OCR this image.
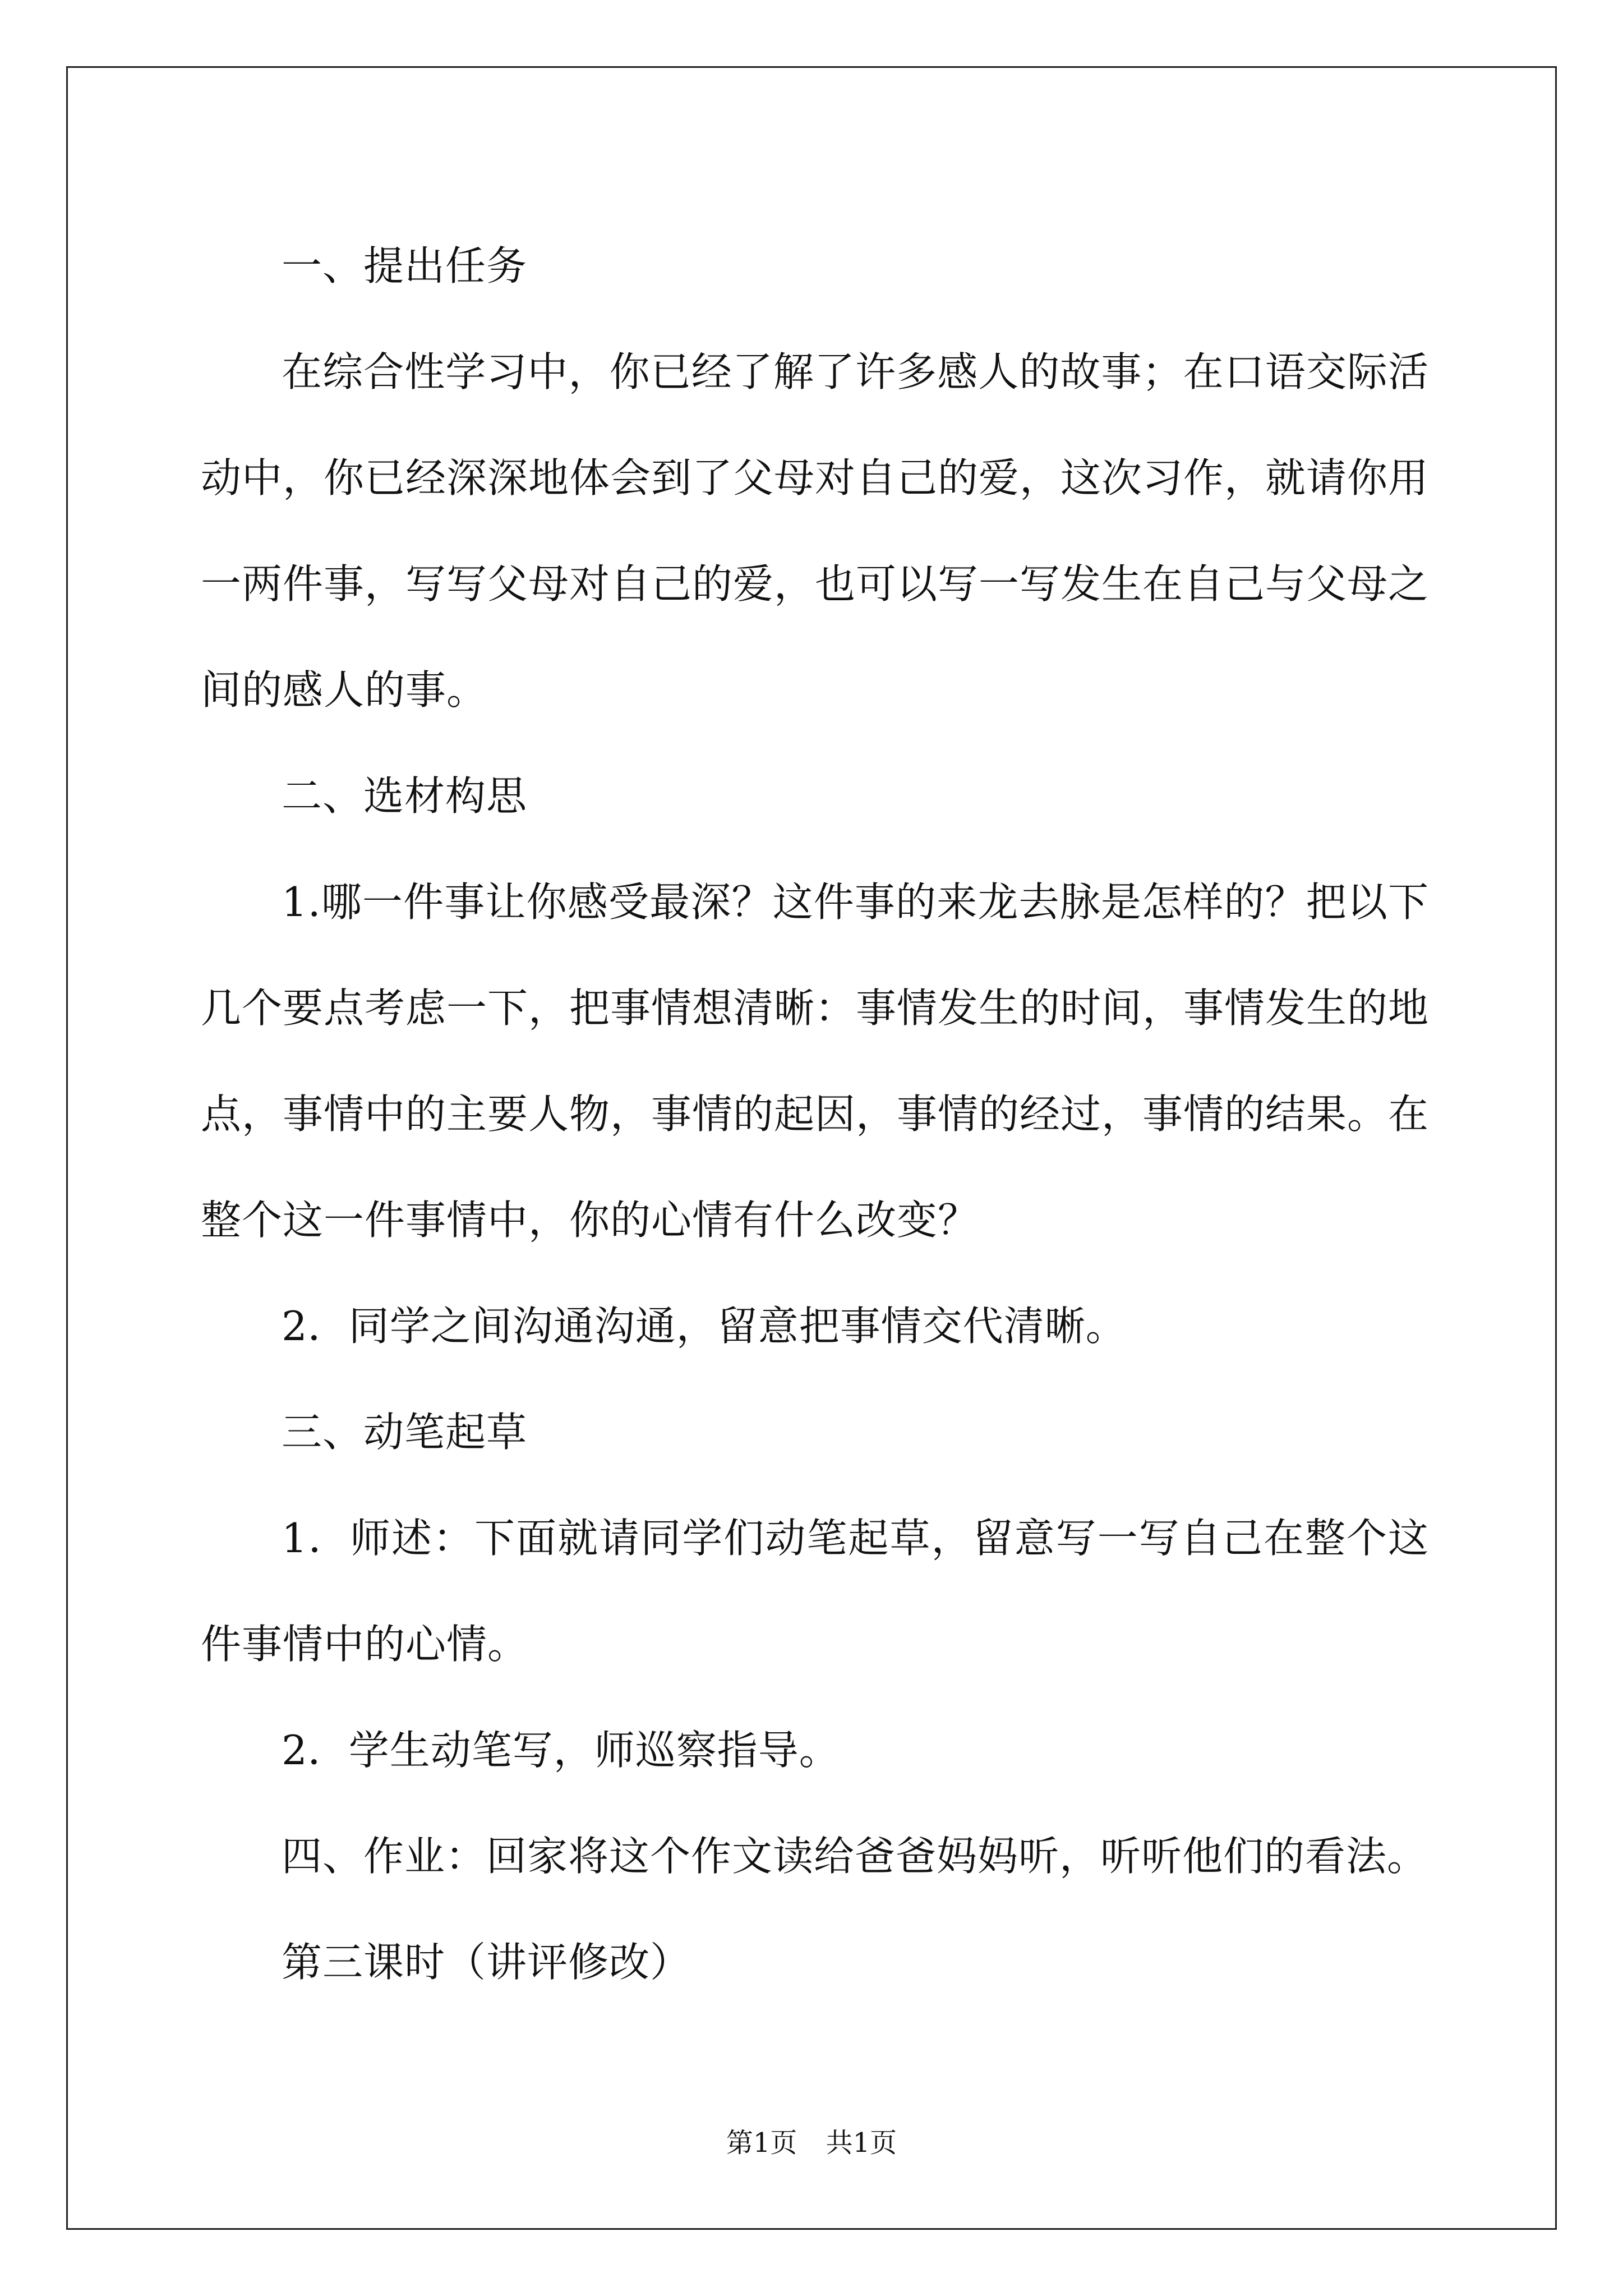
一、提出任务

在综合性学习中，你已经了解了许多感人的故事；在口语交际活动中，你已经深深地体会到了父母对自己的爱，这次习作，就请你用一两件事，写写父母对自己的爱，也可以写一写发生在自己与父母之间的感人的事。

二、选材构思

1.哪一件事让你感受最深？这件事的来龙去脉是怎样的？把以下几个要点考虑一下，把事情想清晰：事情发生的时间，事情发生的地点，事情中的主要人物，事情的起因，事情的经过，事情的结果。在整个这一件事情中，你的心情有什么改变？

2．同学之间沟通沟通，留意把事情交代清晰。

三、动笔起草

1．师述：下面就请同学们动笔起草，留意写一写自己在整个这件事情中的心情。

2．学生动笔写，师巡察指导。

四、作业：回家将这个作文读给爸爸妈妈听，听听他们的看法。

第三课时（讲评修改）

第1页 共1页
